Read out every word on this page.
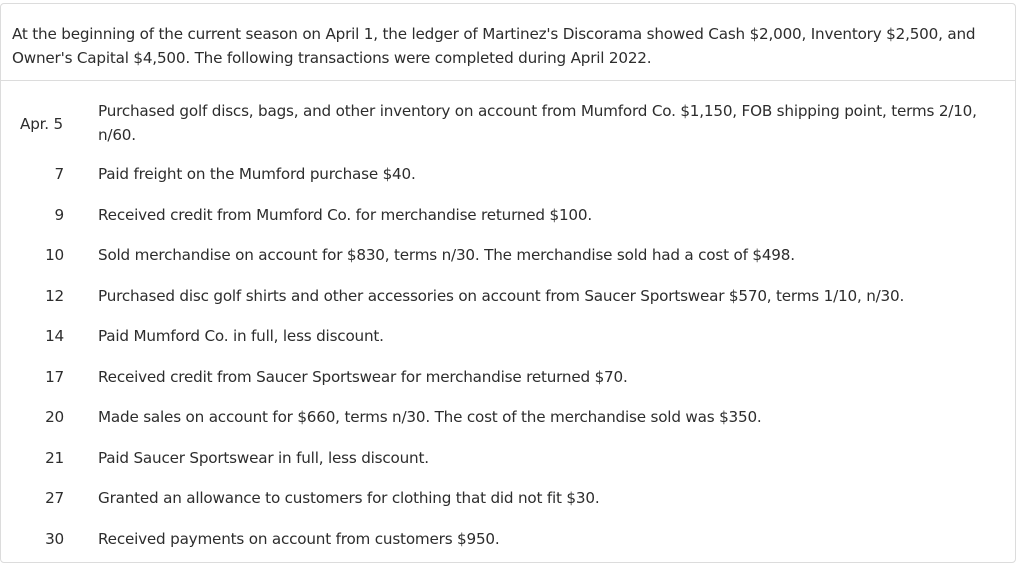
At the beginning of the current season on April 1, the ledger of Martinez's Discorama showed Cash $2,000, Inventory $2,500, and Owner's Capital $4,500. The following transactions were completed during April 2022.

Apr. 5
Purchased golf discs, bags, and other inventory on account from Mumford Co. $1,150, FOB shipping point, terms 2/10, n/60.
7 Paid freight on the Mumford purchase $40.
9 Received credit from Mumford Co. for merchandise returned $100.
10 Sold merchandise on account for $830, terms n/30. The merchandise sold had a cost of $498.
12 Purchased disc golf shirts and other accessories on account from Saucer Sportswear $570, terms 1/10, n/30.
14 Paid Mumford Co. in full, less discount.
17 Received credit from Saucer Sportswear for merchandise returned $70.
20 Made sales on account for $660, terms n/30. The cost of the merchandise sold was $350.
21 Paid Saucer Sportswear in full, less discount.
27 Granted an allowance to customers for clothing that did not fit $30.
30 Received payments on account from customers $950.
